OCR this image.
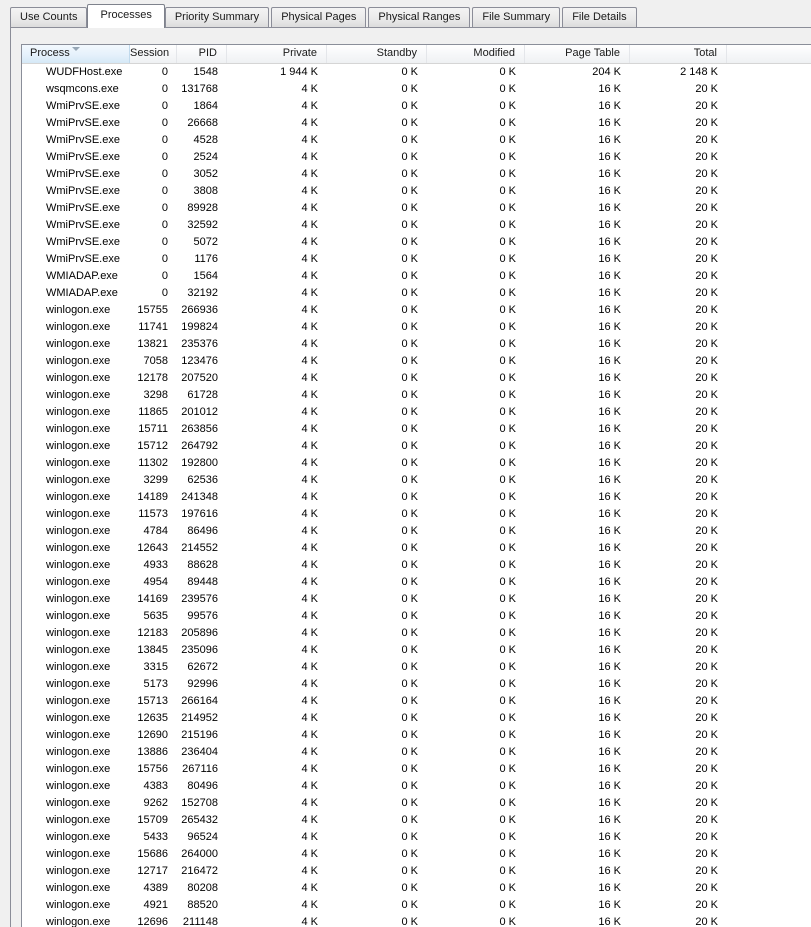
Use Counts	Processes	Priority Summary	Physical Pages	Physical Ranges	File Summary	File Details
Process	Session	PID	Private	Standby	Modified	Page Table	Total
WUDFHost.exe	0	1548	1 944 K	0 K	0 K	204 K	2 148 K
wsqmcons.exe	0	131768	4 K	0 K	0 K	16 K	20 K
WmiPrvSE.exe	0	1864	4 K	0 K	0 K	16 K	20 K
WmiPrvSE.exe	0	26668	4 K	0 K	0 K	16 K	20 K
WmiPrvSE.exe	0	4528	4 K	0 K	0 K	16 K	20 K
WmiPrvSE.exe	0	2524	4 K	0 K	0 K	16 K	20 K
WmiPrvSE.exe	0	3052	4 K	0 K	0 K	16 K	20 K
WmiPrvSE.exe	0	3808	4 K	0 K	0 K	16 K	20 K
WmiPrvSE.exe	0	89928	4 K	0 K	0 K	16 K	20 K
WmiPrvSE.exe	0	32592	4 K	0 K	0 K	16 K	20 K
WmiPrvSE.exe	0	5072	4 K	0 K	0 K	16 K	20 K
WmiPrvSE.exe	0	1176	4 K	0 K	0 K	16 K	20 K
WMIADAP.exe	0	1564	4 K	0 K	0 K	16 K	20 K
WMIADAP.exe	0	32192	4 K	0 K	0 K	16 K	20 K
winlogon.exe	15755	266936	4 K	0 K	0 K	16 K	20 K
winlogon.exe	11741	199824	4 K	0 K	0 K	16 K	20 K
winlogon.exe	13821	235376	4 K	0 K	0 K	16 K	20 K
winlogon.exe	7058	123476	4 K	0 K	0 K	16 K	20 K
winlogon.exe	12178	207520	4 K	0 K	0 K	16 K	20 K
winlogon.exe	3298	61728	4 K	0 K	0 K	16 K	20 K
winlogon.exe	11865	201012	4 K	0 K	0 K	16 K	20 K
winlogon.exe	15711	263856	4 K	0 K	0 K	16 K	20 K
winlogon.exe	15712	264792	4 K	0 K	0 K	16 K	20 K
winlogon.exe	11302	192800	4 K	0 K	0 K	16 K	20 K
winlogon.exe	3299	62536	4 K	0 K	0 K	16 K	20 K
winlogon.exe	14189	241348	4 K	0 K	0 K	16 K	20 K
winlogon.exe	11573	197616	4 K	0 K	0 K	16 K	20 K
winlogon.exe	4784	86496	4 K	0 K	0 K	16 K	20 K
winlogon.exe	12643	214552	4 K	0 K	0 K	16 K	20 K
winlogon.exe	4933	88628	4 K	0 K	0 K	16 K	20 K
winlogon.exe	4954	89448	4 K	0 K	0 K	16 K	20 K
winlogon.exe	14169	239576	4 K	0 K	0 K	16 K	20 K
winlogon.exe	5635	99576	4 K	0 K	0 K	16 K	20 K
winlogon.exe	12183	205896	4 K	0 K	0 K	16 K	20 K
winlogon.exe	13845	235096	4 K	0 K	0 K	16 K	20 K
winlogon.exe	3315	62672	4 K	0 K	0 K	16 K	20 K
winlogon.exe	5173	92996	4 K	0 K	0 K	16 K	20 K
winlogon.exe	15713	266164	4 K	0 K	0 K	16 K	20 K
winlogon.exe	12635	214952	4 K	0 K	0 K	16 K	20 K
winlogon.exe	12690	215196	4 K	0 K	0 K	16 K	20 K
winlogon.exe	13886	236404	4 K	0 K	0 K	16 K	20 K
winlogon.exe	15756	267116	4 K	0 K	0 K	16 K	20 K
winlogon.exe	4383	80496	4 K	0 K	0 K	16 K	20 K
winlogon.exe	9262	152708	4 K	0 K	0 K	16 K	20 K
winlogon.exe	15709	265432	4 K	0 K	0 K	16 K	20 K
winlogon.exe	5433	96524	4 K	0 K	0 K	16 K	20 K
winlogon.exe	15686	264000	4 K	0 K	0 K	16 K	20 K
winlogon.exe	12717	216472	4 K	0 K	0 K	16 K	20 K
winlogon.exe	4389	80208	4 K	0 K	0 K	16 K	20 K
winlogon.exe	4921	88520	4 K	0 K	0 K	16 K	20 K
winlogon.exe	12696	211148	4 K	0 K	0 K	16 K	20 K
